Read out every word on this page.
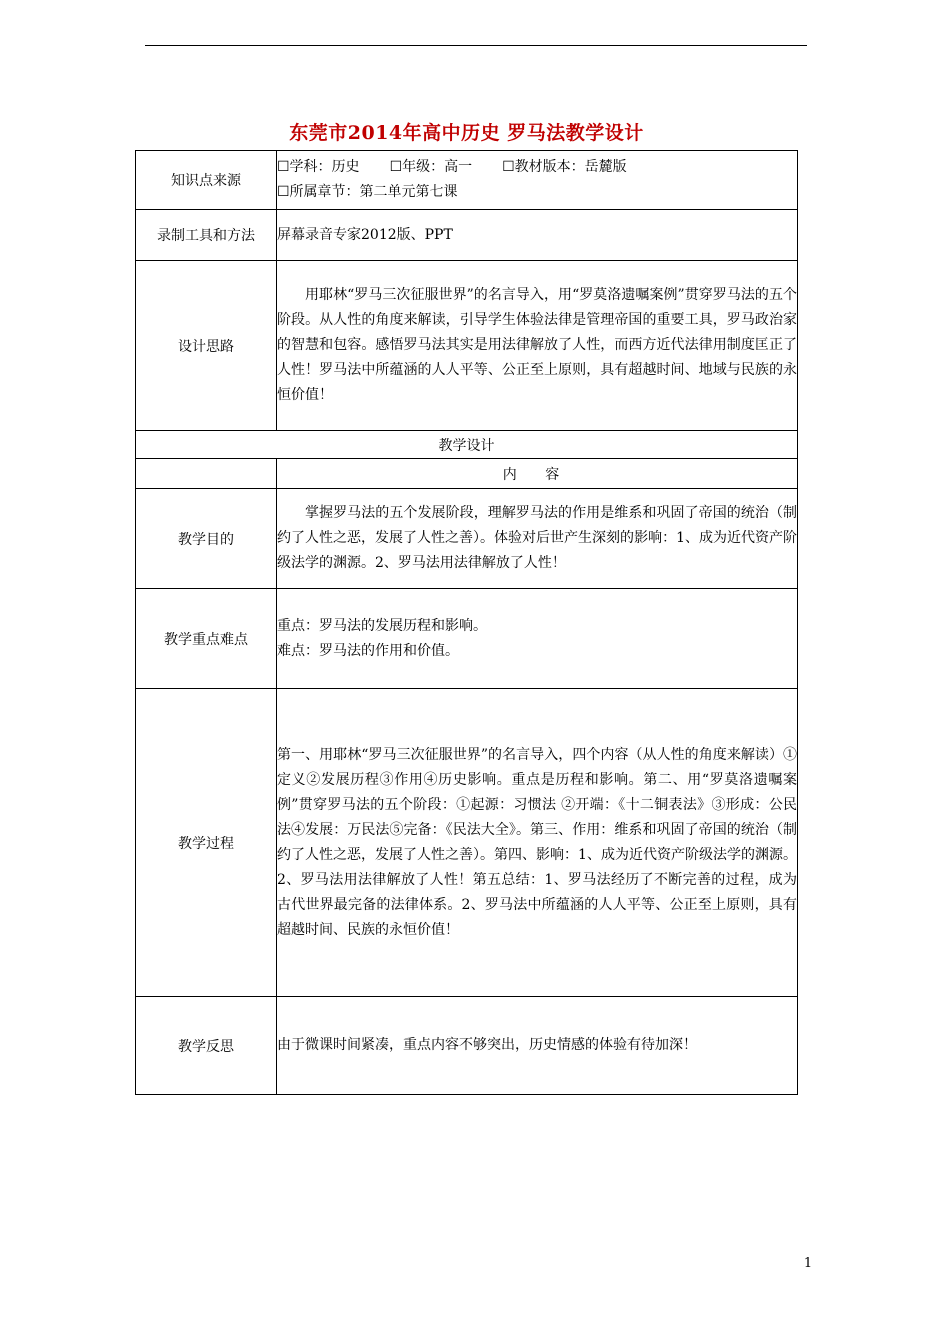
东莞市2014年高中历史 罗马法教学设计
知识点来源	☐学科：历史 ☐年级：高一 ☐教材版本：岳麓版
☐所属章节：第二单元第七课

录制工具和方法	屏幕录音专家2012版、PPT
设计思路	用耶林“罗马三次征服世界”的名言导入，用“罗莫洛遗嘱案例”贯穿罗马法的五个阶段。从人性的角度来解读，引导学生体验法律是管理帝国的重要工具，罗马政治家的智慧和包容。感悟罗马法其实是用法律解放了人性，而西方近代法律用制度匡正了人性！罗马法中所蕴涵的人人平等、公正至上原则，具有超越时间、地域与民族的永恒价值！
教学设计	
	内 容
教学目的	掌握罗马法的五个发展阶段，理解罗马法的作用是维系和巩固了帝国的统治（制约了人性之恶，发展了人性之善）。体验对后世产生深刻的影响：1、成为近代资产阶级法学的渊源。2、罗马法用法律解放了人性！
教学重点难点	重点：罗马法的发展历程和影响。
难点：罗马法的作用和价值。

教学过程	第一、用耶林“罗马三次征服世界”的名言导入，四个内容（从人性的角度来解读）①定义②发展历程③作用④历史影响。重点是历程和影响。第二、用“罗莫洛遗嘱案例”贯穿罗马法的五个阶段：①起源：习惯法 ②开端：《十二铜表法》③形成：公民法④发展：万民法⑤完备：《民法大全》。第三、作用：维系和巩固了帝国的统治（制约了人性之恶，发展了人性之善）。第四、影响：1、成为近代资产阶级法学的渊源。2、罗马法用法律解放了人性！第五总结：1、罗马法经历了不断完善的过程，成为古代世界最完备的法律体系。2、罗马法中所蕴涵的人人平等、公正至上原则，具有超越时间、民族的永恒价值！
教学反思	由于微课时间紧凑，重点内容不够突出，历史情感的体验有待加深！
1
